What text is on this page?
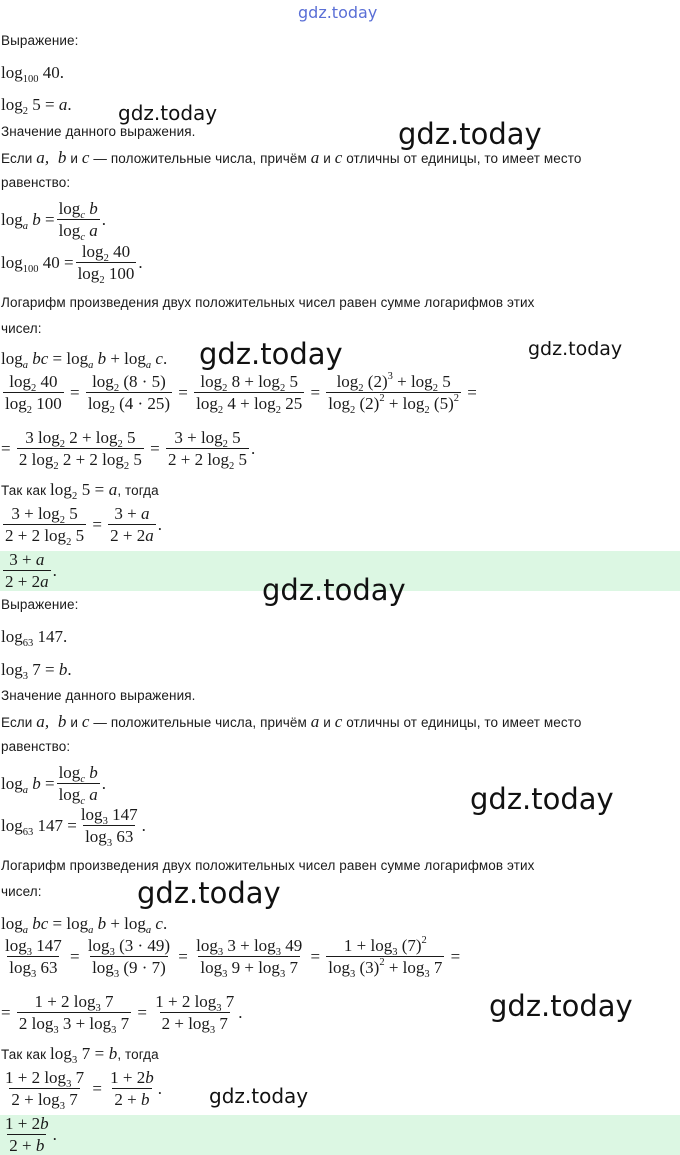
gdz.today
Выражение:
$\log_{100} 40$.
$\log_2 5 = a$.
Значение данного выражения.
Если a,  b и c — положительные числа, причём a и c отличны от единицы, то имеет место
равенство:
$\log_a b = \frac{\log_c b}{\log_c a}$ .
$\log_{100} 40 = \frac{\log_2 40}{\log_2 100}$ .
Логарифм произведения двух положительных чисел равен сумме логарифмов этих
чисел:
$\log_a$ bc = $\log_a b + \log_a c$.
$\frac{\log_2 40}{\log_2 100} = \frac{\log_2 (8 \cdot 5)}{\log_2 (4 \cdot 25)} = \frac{\log_2 8 + \log_2 5}{\log_2 4 + \log_2 25} = \frac{\log_2 (2)^3 + \log_2 5}{\log_2 (2)^2 + \log_2 (5)^2}$ =
= $\frac{3 \log_2 2 + \log_2 5}{2 \log_2 2 + 2 \log_2 5} = \frac{3 + \log_2 5}{2 + 2 \log_2 5}$ .
Так как $\log_2 5 = a$, тогда
$\frac{3 + \log_2 5}{2 + 2 \log_2 5} = \frac{3 + a}{2 + 2a}$ .
$\frac{3 + a}{2 + 2a}$ .
Выражение:
$\log_{63} 147$.
$\log_3 7 = b$.
Значение данного выражения.
Если a,  b и c — положительные числа, причём a и c отличны от единицы, то имеет место
равенство:
$\log_a b = \frac{\log_c b}{\log_c a}$ .
$\log_{63} 147 = \frac{\log_3 147}{\log_3 63}$ .
Логарифм произведения двух положительных чисел равен сумме логарифмов этих
чисел:
$\log_a$ bc = $\log_a b + \log_a c$.
$\frac{\log_3 147}{\log_3 63} = \frac{\log_3 (3 \cdot 49)}{\log_3 (9 \cdot 7)} = \frac{\log_3 3 + \log_3 49}{\log_3 9 + \log_3 7} = \frac{1 + \log_3 (7)^2}{\log_3 (3)^2 + \log_3 7}$ =
= $\frac{1 + 2 \log_3 7}{2 \log_3 3 + \log_3 7} = \frac{1 + 2 \log_3 7}{2 + \log_3 7}$ .
Так как $\log_3 7 = b$, тогда
$\frac{1 + 2 \log_3 7}{2 + \log_3 7} = \frac{1 + 2b}{2 + b}$ .
$\frac{1 + 2b}{2 + b}$ .
gdz.today
gdz.today
gdz.today	gdz.today
gdz.today
gdz.today
gdz.today
gdz.today
gdz.today
